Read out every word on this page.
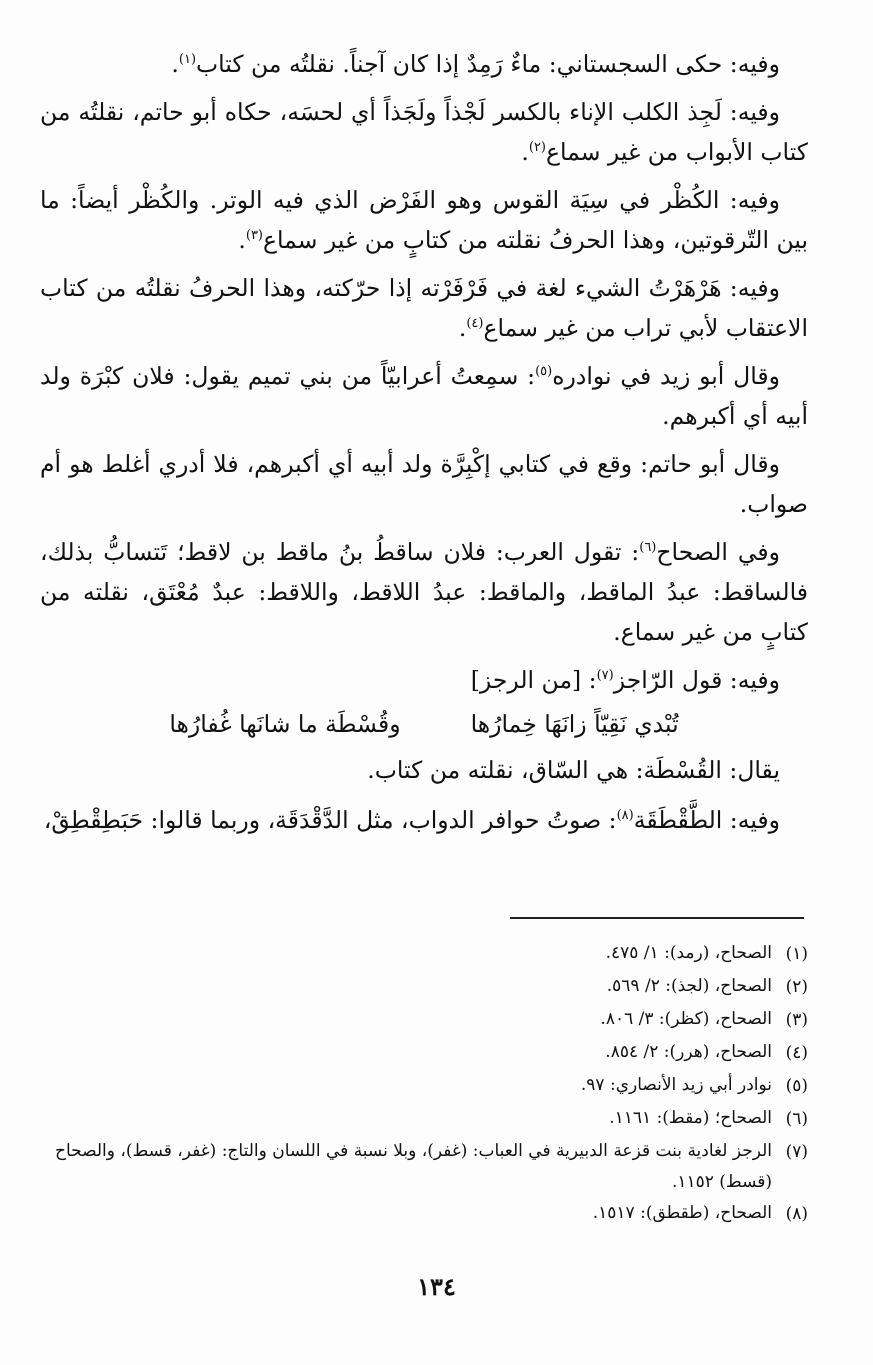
وفيه: حكى السجستاني: ماءٌ رَمِدٌ إذا كان آجناً. نقلتُه من كتاب$^{(١)}$.

وفيه: لَجِذ الكلب الإناء بالكسر لَجْذاً ولَجَذاً أي لحسَه، حكاه أبو حاتم، نقلتُه من كتاب الأبواب من غير سماع$^{(٢)}$.

وفيه: الكُظْر في سِيَة القوس وهو الفَرْض الذي فيه الوتر. والكُظْر أيضاً: ما بين التّرقوتين، وهذا الحرفُ نقلته من كتابٍ من غير سماع$^{(٣)}$.

وفيه: هَرْهَرْتُ الشيء لغة في فَرْفَرْته إذا حرّكته، وهذا الحرفُ نقلتُه من كتاب الاعتقاب لأبي تراب من غير سماع$^{(٤)}$.

وقال أبو زيد في نوادره$^{(٥)}$: سمِعتُ أعرابيّاً من بني تميم يقول: فلان كبْرَة ولد أبيه أي أكبرهم.

وقال أبو حاتم: وقع في كتابي إكْبِرَّة ولد أبيه أي أكبرهم، فلا أدري أغلط هو أم صواب.

وفي الصحاح$^{(٦)}$: تقول العرب: فلان ساقطُ بنُ ماقط بن لاقط؛ تَتسابُّ بذلك، فالساقط: عبدُ الماقط، والماقط: عبدُ اللاقط، واللاقط: عبدٌ مُعْتَق، نقلته من كتابٍ من غير سماع.

وفيه: قول الرّاجز$^{(٧)}$: [من الرجز]

تُبْدي نَقِيّاً زانَهَا خِمارُها
وقُسْطَة ما شانَها غُفارُها

يقال: القُسْطَة: هي السّاق، نقلته من كتاب.

وفيه: الطَّقْطَقَة$^{(٨)}$: صوتُ حوافر الدواب، مثل الدَّقْدَقَة، وربما قالوا: حَبَطِقْطِقْ،

(١)
الصحاح، (رمد): ١/ ٤٧٥.
(٢)
الصحاح، (لجذ): ٢/ ٥٦٩.
(٣)
الصحاح، (كظر): ٣/ ٨٠٦.
(٤)
الصحاح، (هرر): ٢/ ٨٥٤.
(٥)
نوادر أبي زيد الأنصاري: ٩٧.
(٦)
الصحاح؛ (مقط): ١١٦١.
(٧)
الرجز لغادية بنت قزعة الدبيرية في العباب: (غفر)، وبلا نسبة في اللسان والتاج: (غفر، قسط)، والصحاح (قسط) ١١٥٢.
(٨)
الصحاح، (طقطق): ١٥١٧.
١٣٤
